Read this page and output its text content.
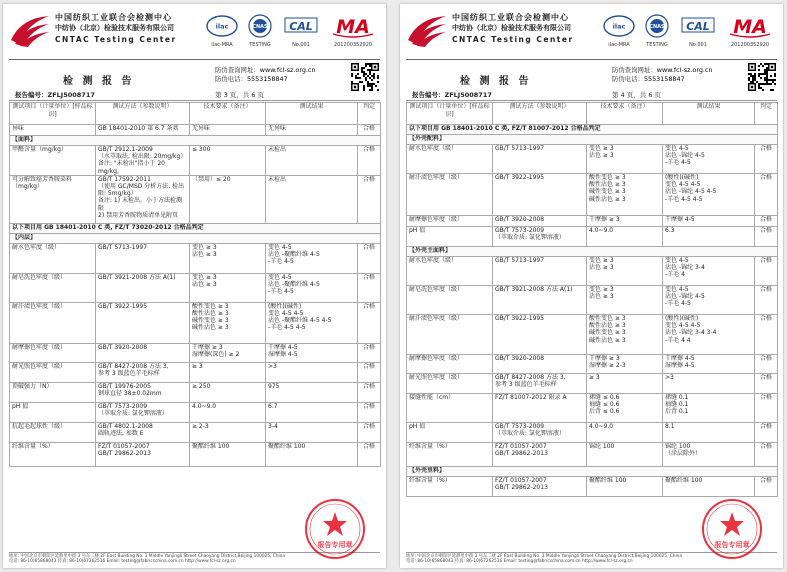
中国纺织工业联合会检测中心
中纺协（北京）检验技术服务有限公司
CNTAC Testing Center
ilac
ilac-MRA
CNAS
TESTING
CAL
No.001
MA
201200352920
检 测 报 告
防伪查询网址：www.fcl-sz.org.cn
防伪电话：5553158847
报告编号：ZFLJ5008717	第 3 页，共 6 页
测试项目（计量单位）[样品标识]	测试方法（参数说明）	技术要求（备注）	测试结果	判定
异味	GB 18401-2010 第 6.7 条款	无异味	无异味	合格
【面料】				
甲醛含量（mg/kg）	GB/T 2912.1-2009
（水萃取法, 检出限: 20mg/kg）
备注: "未检出"指小于 20 mg/kg。	≤ 300	未检出	合格
可分解致癌芳香胺染料（mg/kg）	GB/T 17592-2011
（使用 GC/MSD 分析方法, 检出限: 5mg/kg）
备注: 1) 未检出，小于方法检测限
2) 禁用芳香胺物质清单见附页	（禁用）≤ 20	未检出	合格
以下项目用 GB 18401-2010 C 类, FZ/T 73020-2012 合格品判定				
【内层】				
耐水色牢度（级）	GB/T 5713-1997	变色 ≥ 3
沾色 ≥ 3	变色 4-5
沾色 -聚酯纤维 4-5
-羊毛 4-5	合格
耐皂洗色牢度（级）	GB/T 3921-2008 方法 A(1)	变色 ≥ 3
沾色 ≥ 3	变色 4-5
沾色 -聚酯纤维 4-5
-羊毛 4-5	合格
耐汗渍色牢度（级）	GB/T 3922-1995	酸性变色 ≥ 3
酸性沾色 ≥ 3
碱性变色 ≥ 3
碱性沾色 ≥ 3	(酸性)(碱性)
变色 4-5 4-5
沾色 -聚酯纤维 4-5 4-5
-羊毛 4-5 4-5	合格
耐摩擦色牢度（级）	GB/T 3920-2008	干摩擦 ≥ 3
湿摩擦(深色) ≥ 2	干摩擦 4-5
湿摩擦 4-5	合格
耐光照色牢度（级）	GB/T 8427-2008 方法 3,
参考 3 级蓝色羊毛标样	≥ 3	>3	合格
顶破强力（N）	GB/T 19976-2005
钢球直径 38±0.02mm	≥ 250	975	合格
pH 值	GB/T 7573-2009
（萃取介质: 氯化钾溶液）	4.0~9.0	6.7	合格
抗起毛起球性（级）	GB/T 4802.1-2008
圆轨迹法, 参数 E	≥ 2-3	3-4	合格
纤维含量（%）	FZ/T 01057-2007
GB/T 29862-2013	聚酯纤维 100	聚酯纤维 100	合格
地址: 中国北京市朝阳区延静里中街 3 号东二楼 2F East Building No. 3 Middle Yanjingli Street Chaoyang District,Beijing 100025, China
电话: 86-10)65868043 传真: 86-10)67262516 Email: testing@fabricschina.com.cn http://www.fcl-sz.org.cn
报告专用章
中国纺织工业联合会检测中心
中纺协（北京）检验技术服务有限公司
CNTAC Testing Center
ilac
ilac-MRA
CNAS
TESTING
CAL
No.001
MA
201200352920
检 测 报 告
防伪查询网址：www.fcl-sz.org.cn
防伪电话：5553158847
报告编号：ZFLJ5008717	第 4 页，共 6 页
测试项目（计量单位）[样品标识]	测试方法（参数说明）	技术要求（备注）	测试结果	判定
以下项目用 GB 18401-2010 C 类, FZ/T 81007-2012 合格品判定				
【外壳配料】				
耐水色牢度（级）	GB/T 5713-1997	变色 ≥ 3
沾色 ≥ 3	变色 4-5
沾色 -锦纶 4-5
-羊毛 4-5	合格
耐汗渍色牢度（级）	GB/T 3922-1995	酸性变色 ≥ 3
酸性沾色 ≥ 3
碱性变色 ≥ 3
碱性沾色 ≥ 3	(酸性)(碱性)
变色 4-5 4-5
沾色 -锦纶 4-5 4-5
-羊毛 4-5 4-5	合格
耐摩擦色牢度（级）	GB/T 3920-2008	干摩擦 ≥ 3	干摩擦 4-5	合格
pH 值	GB/T 7573-2009
（萃取介质: 氯化钾溶液）	4.0~9.0	6.3	合格
【外壳主面料】				
耐水色牢度（级）	GB/T 5713-1997	变色 ≥ 3
沾色 ≥ 3	变色 4-5
沾色 -锦纶 3-4
-羊毛 4	合格
耐皂洗色牢度（级）	GB/T 3921-2008 方法 A(1)	变色 ≥ 3
沾色 ≥ 3	变色 4-5
沾色 -锦纶 4-5
-羊毛 4-5	合格
耐汗渍色牢度（级）	GB/T 3922-1995	酸性变色 ≥ 3
酸性沾色 ≥ 3
碱性变色 ≥ 3
碱性沾色 ≥ 3	(酸性)(碱性)
变色 4-5 4-5
沾色 -锦纶 3-4 3-4
-羊毛 4 4	合格
耐摩擦色牢度（级）	GB/T 3920-2008	干摩擦 ≥ 3
湿摩擦 ≥ 2-3	干摩擦 4-5
湿摩擦 4-5	合格
耐光照色牢度（级）	GB/T 8427-2008 方法 3,
参考 3 级蓝色羊毛标样	≥ 3	>3	合格
接缝性能（cm）	FZ/T 81007-2012 附录 A	裙缝 ≤ 0.6
袖缝 ≤ 0.6
后背 ≤ 0.6	裙缝 0.1
袖缝 0.1
后背 0.1	合格
pH 值	GB/T 7573-2009
（萃取介质: 氯化钾溶液）	4.0~9.0	8.1	合格
纤维含量（%）	FZ/T 01057-2007
GB/T 29862-2013	锦纶 100	锦纶 100
（涂层除外）	合格
【外壳里料】				
纤维含量（%）	FZ/T 01057-2007
GB/T 29862-2013	聚酯纤维 100	聚酯纤维 100	合格
地址: 中国北京市朝阳区延静里中街 3 号东二楼 2F East Building No. 3 Middle Yanjingli Street Chaoyang District,Beijing 100025, China
电话: 86-10)65868043 传真: 86-10)67262516 Email: testing@fabricschina.com.cn http://www.fcl-sz.org.cn
报告专用章
